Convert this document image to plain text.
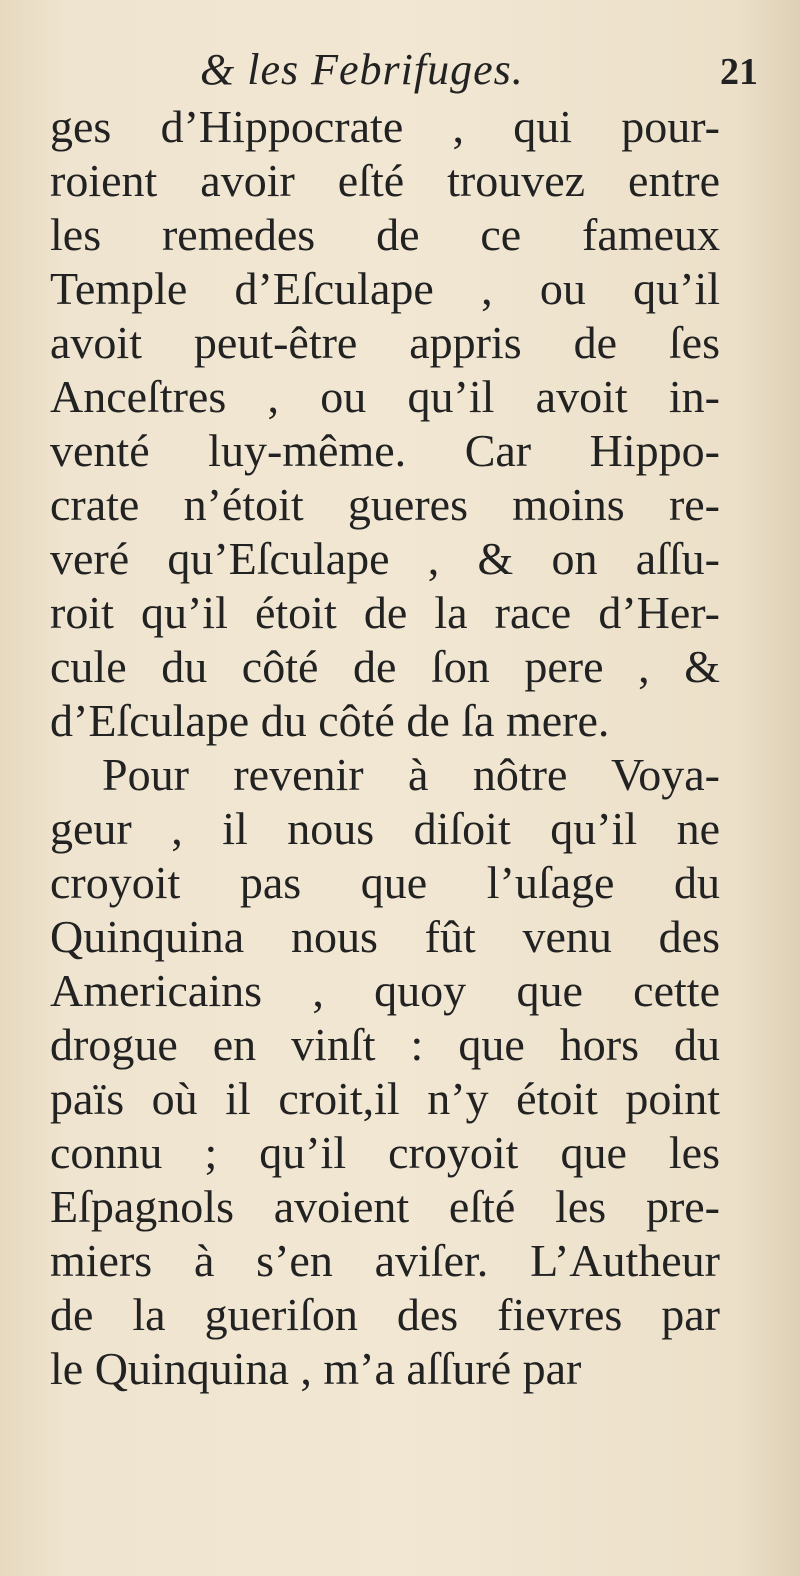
& les Febrifuges.	21
ges d’Hippocrate , qui pour-
roient avoir eſté trouvez entre
les remedes de ce fameux
Temple d’Eſculape , ou qu’il
avoit peut-être appris de ſes
Anceſtres , ou qu’il avoit in-
venté luy-même. Car Hippo-
crate n’étoit gueres moins re-
veré qu’Eſculape , & on aſſu-
roit qu’il étoit de la race d’Her-
cule du côté de ſon pere , &
d’Eſculape du côté de ſa mere.
Pour revenir à nôtre Voya-
geur , il nous diſoit qu’il ne
croyoit pas que l’uſage du
Quinquina nous fût venu des
Americains , quoy que cette
drogue en vinſt : que hors du
païs où il croit,il n’y étoit point
connu ; qu’il croyoit que les
Eſpagnols avoient eſté les pre-
miers à s’en aviſer. L’Autheur
de la gueriſon des fievres par
le Quinquina , m’a aſſuré par
